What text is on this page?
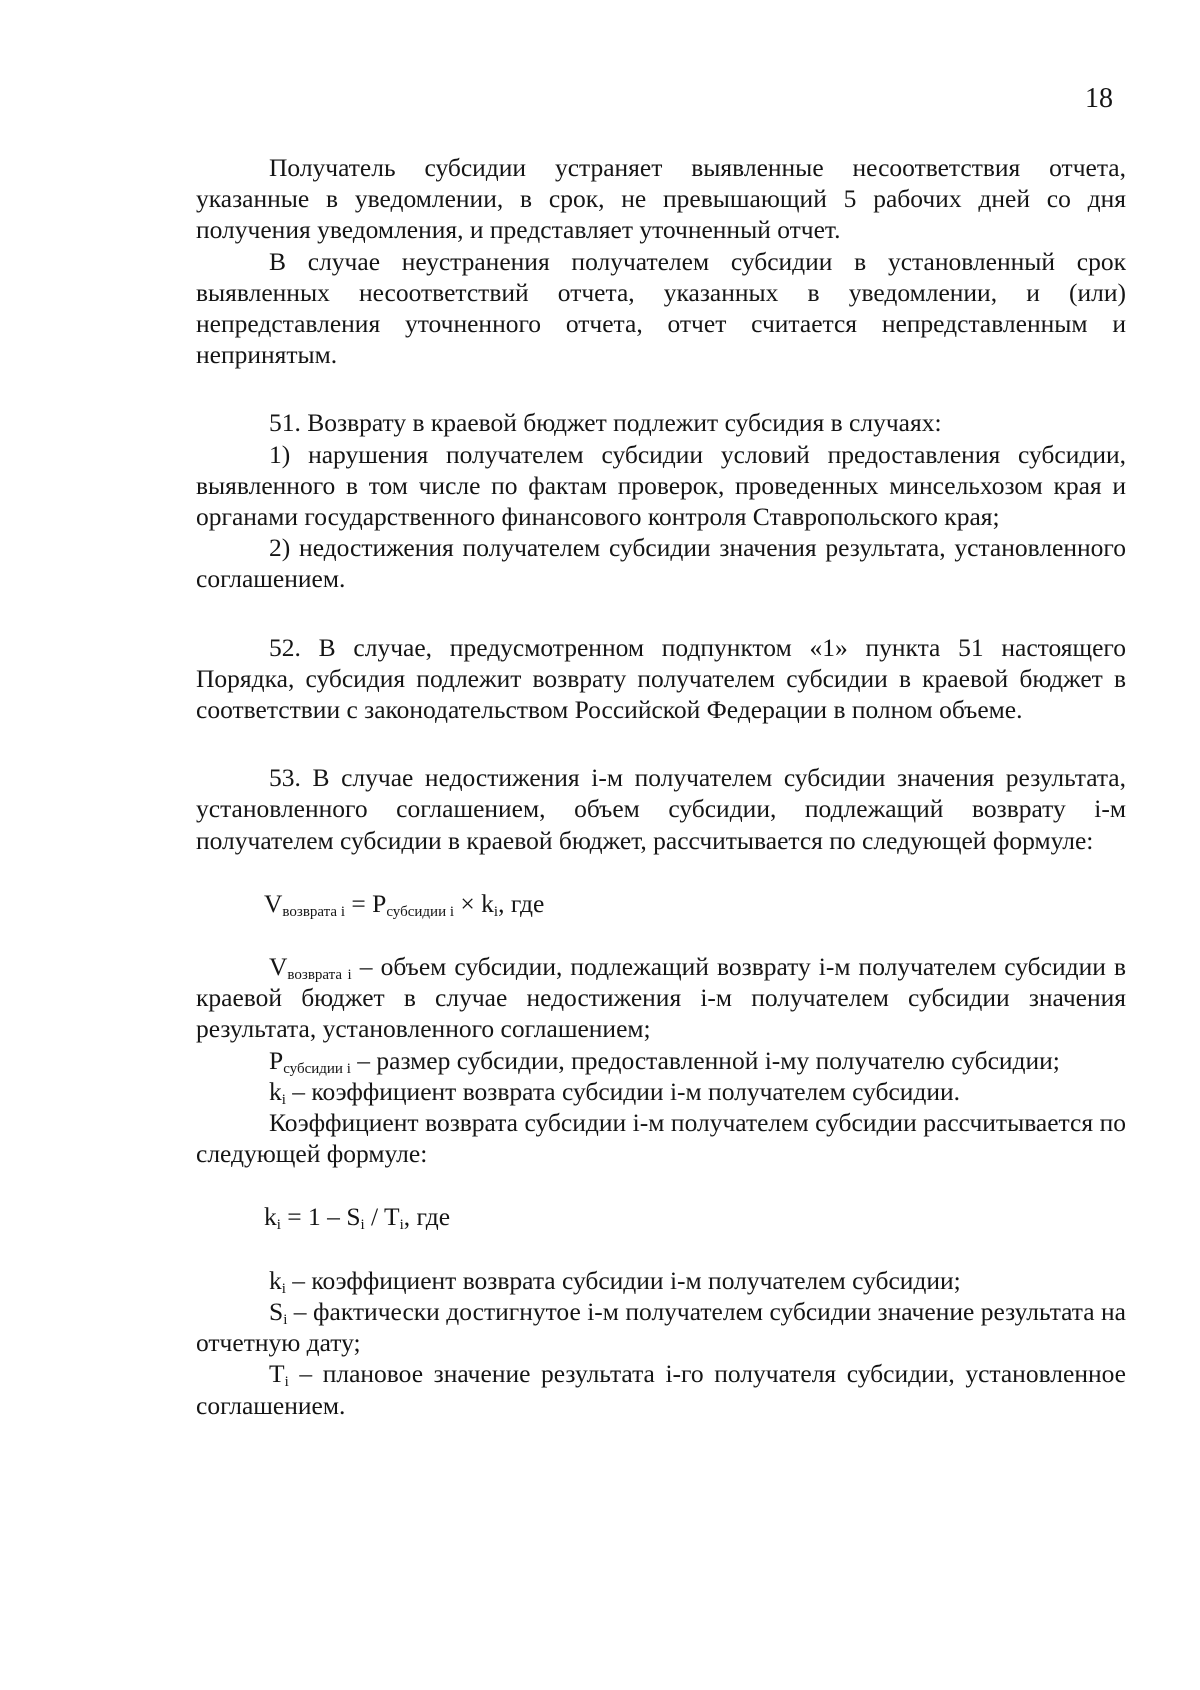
18

Получатель субсидии устраняет выявленные несоответствия отчета, указанные в уведомлении, в срок, не превышающий 5 рабочих дней со дня получения уведомления, и представляет уточненный отчет.

В случае неустранения получателем субсидии в установленный срок выявленных несоответствий отчета, указанных в уведомлении, и (или) непредставления уточненного отчета, отчет считается непредставленным и непринятым.

51. Возврату в краевой бюджет подлежит субсидия в случаях:

1) нарушения получателем субсидии условий предоставления субсидии, выявленного в том числе по фактам проверок, проведенных минсельхозом края и органами государственного финансового контроля Ставропольского края;

2) недостижения получателем субсидии значения результата, установленного соглашением.

52. В случае, предусмотренном подпунктом «1» пункта 51 настоящего Порядка, субсидия подлежит возврату получателем субсидии в краевой бюджет в соответствии с законодательством Российской Федерации в полном объеме.

53. В случае недостижения i-м получателем субсидии значения результата, установленного соглашением, объем субсидии, подлежащий возврату i-м получателем субсидии в краевой бюджет, рассчитывается по следующей формуле:

$V_{возврата i} = P_{субсидии i} \times k_i$, где

$V_{возврата i}$ – объем субсидии, подлежащий возврату i-м получателем субсидии в краевой бюджет в случае недостижения i-м получателем субсидии значения результата, установленного соглашением;

$P_{субсидии i}$ – размер субсидии, предоставленной i-му получателю субсидии;

$k_i$ – коэффициент возврата субсидии i-м получателем субсидии.

Коэффициент возврата субсидии i-м получателем субсидии рассчитывается по следующей формуле:

$k_i = 1 - S_i / T_i$, где

$k_i$ – коэффициент возврата субсидии i-м получателем субсидии;

$S_i$ – фактически достигнутое i-м получателем субсидии значение результата на отчетную дату;

$T_i$ – плановое значение результата i-го получателя субсидии, установленное соглашением.
